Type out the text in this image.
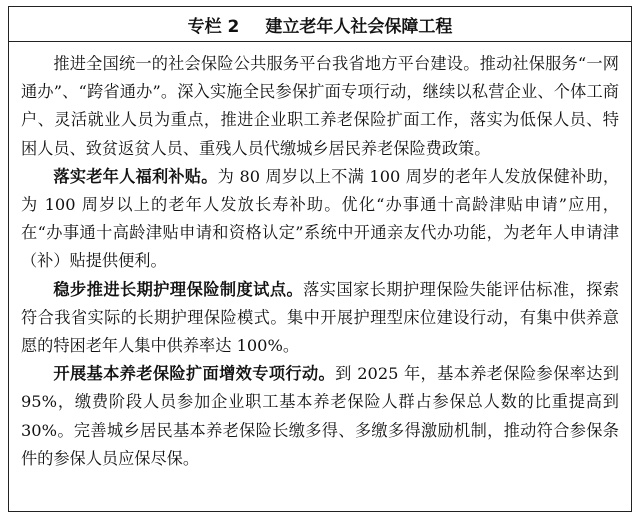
专栏 2 建立老年人社会保障工程

推进全国统一的社会保险公共服务平台我省地方平台建设。推动社保服务“一网通办”、“跨省通办”。深入实施全民参保扩面专项行动，继续以私营企业、个体工商户、灵活就业人员为重点，推进企业职工养老保险扩面工作，落实为低保人员、特困人员、致贫返贫人员、重残人员代缴城乡居民养老保险费政策。

落实老年人福利补贴。为 80 周岁以上不满 100 周岁的老年人发放保健补助，为 100 周岁以上的老年人发放长寿补助。优化“办事通十高龄津贴申请”应用，在“办事通十高龄津贴申请和资格认定”系统中开通亲友代办功能，为老年人申请津（补）贴提供便利。

稳步推进长期护理保险制度试点。落实国家长期护理保险失能评估标准，探索符合我省实际的长期护理保险模式。集中开展护理型床位建设行动，有集中供养意愿的特困老年人集中供养率达 100%。

开展基本养老保险扩面增效专项行动。到 2025 年，基本养老保险参保率达到 95%，缴费阶段人员参加企业职工基本养老保险人群占参保总人数的比重提高到 30%。完善城乡居民基本养老保险长缴多得、多缴多得激励机制，推动符合参保条件的参保人员应保尽保。
